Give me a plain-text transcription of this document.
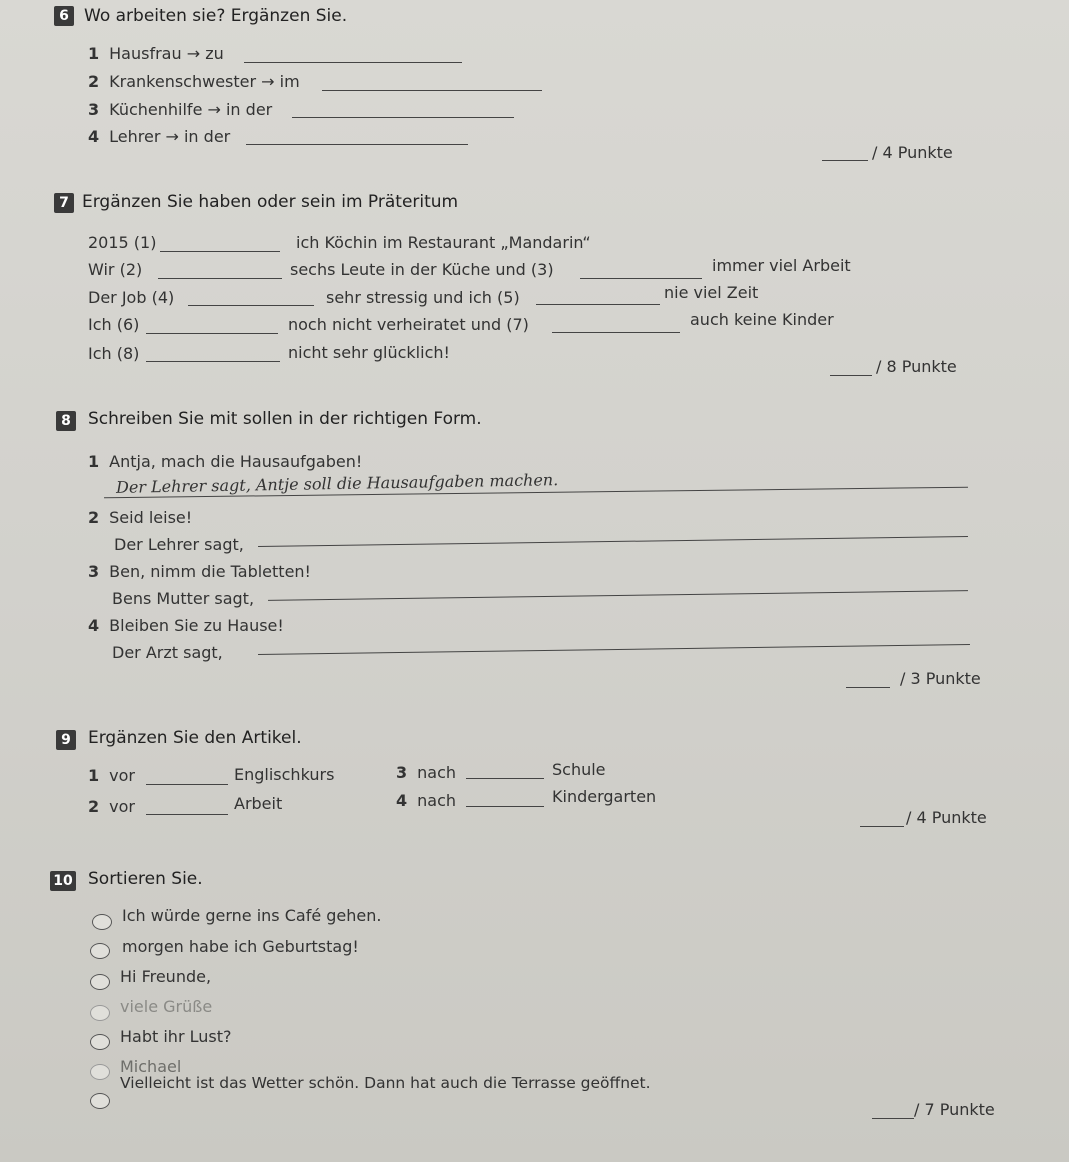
6 Wo arbeiten sie? Ergänzen Sie.
1 Hausfrau → zu
2 Krankenschwester → im
3 Küchenhilfe → in der
4 Lehrer → in der
/ 4 Punkte
7 Ergänzen Sie haben oder sein im Präteritum
2015 (1)	ich Köchin im Restaurant „Mandarin“
Wir (2)	sechs Leute in der Küche und (3)	immer viel Arbeit
Der Job (4)	sehr stressig und ich (5)	nie viel Zeit
Ich (6)	noch nicht verheiratet und (7)	auch keine Kinder
Ich (8)	nicht sehr glücklich!
/ 8 Punkte
8	Schreiben Sie mit sollen in der richtigen Form.
1 Antja, mach die Hausaufgaben!
Der Lehrer sagt, Antje soll die Hausaufgaben machen.
2 Seid leise!
Der Lehrer sagt,
3 Ben, nimm die Tabletten!
Bens Mutter sagt,
4 Bleiben Sie zu Hause!
Der Arzt sagt,
/ 3 Punkte
9	Ergänzen Sie den Artikel.
1 vor	Englischkurs
2 vor	Arbeit
3 nach	Schule
4 nach	Kindergarten
/ 4 Punkte
10 Sortieren Sie.
Ich würde gerne ins Café gehen.
morgen habe ich Geburtstag!
Hi Freunde,
viele Grüße
Habt ihr Lust?
Michael
Vielleicht ist das Wetter schön. Dann hat auch die Terrasse geöffnet.
/ 7 Punkte
